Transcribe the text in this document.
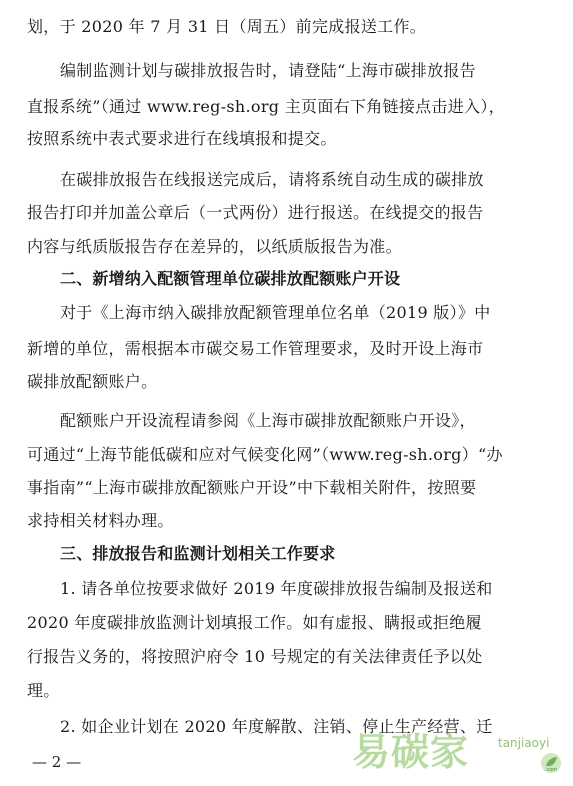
划，于 2020 年 7 月 31 日（周五）前完成报送工作。
编制监测计划与碳排放报告时，请登陆“上海市碳排放报告
直报系统”（通过 www.reg-sh.org 主页面右下角链接点击进入），
按照系统中表式要求进行在线填报和提交。
在碳排放报告在线报送完成后，请将系统自动生成的碳排放
报告打印并加盖公章后（一式两份）进行报送。在线提交的报告
内容与纸质版报告存在差异的，以纸质版报告为准。
二、新增纳入配额管理单位碳排放配额账户开设
对于《上海市纳入碳排放配额管理单位名单（2019 版）》中
新增的单位，需根据本市碳交易工作管理要求，及时开设上海市
碳排放配额账户。
配额账户开设流程请参阅《上海市碳排放配额账户开设》，
可通过“上海节能低碳和应对气候变化网”（www.reg-sh.org）“办
事指南”“上海市碳排放配额账户开设”中下载相关附件，按照要
求持相关材料办理。
三、排放报告和监测计划相关工作要求
1. 请各单位按要求做好 2019 年度碳排放报告编制及报送和
2020 年度碳排放监测计划填报工作。如有虚报、瞒报或拒绝履
行报告义务的，将按照沪府令 10 号规定的有关法律责任予以处
理。
2. 如企业计划在 2020 年度解散、注销、停止生产经营、迁
— 2 —	易碳家 tanjiaoyi
.com
